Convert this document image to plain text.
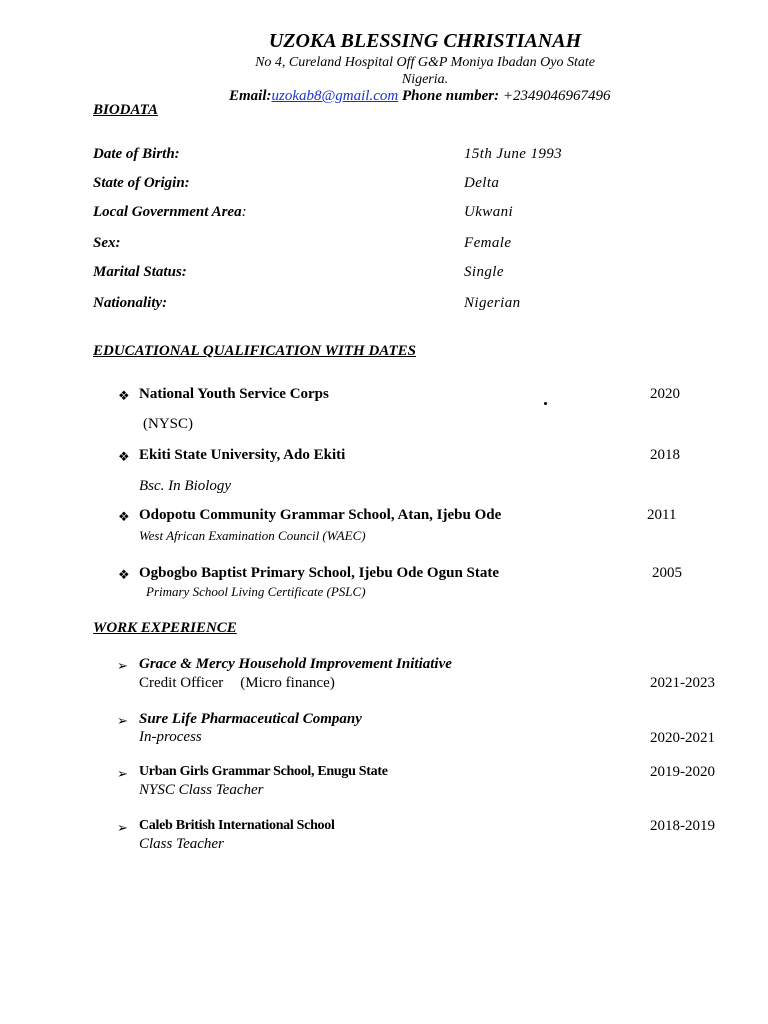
UZOKA BLESSING CHRISTIANAH
No 4, Cureland Hospital Off G&P Moniya Ibadan Oyo State
Nigeria.
Email:uzokab8@gmail.com Phone number: +2349046967496
BIODATA
Date of Birth:	15th June 1993
State of Origin:	Delta
Local Government Area:	Ukwani
Sex:	Female
Marital Status:	Single
Nationality:	Nigerian
EDUCATIONAL QUALIFICATION WITH DATES
❖ National Youth Service Corps	2020
(NYSC)
❖ Ekiti State University, Ado Ekiti	2018
Bsc. In Biology
❖ Odopotu Community Grammar School, Atan, Ijebu Ode	2011
West African Examination Council (WAEC)
❖ Ogbogbo Baptist Primary School, Ijebu Ode Ogun State	2005
Primary School Living Certificate (PSLC)
WORK EXPERIENCE
➢ Grace & Mercy Household Improvement Initiative
Credit Officer (Micro finance)	2021-2023
➢ Sure Life Pharmaceutical Company
In-process	2020-2021
➢ Urban Girls Grammar School, Enugu State
NYSC Class Teacher
2019-2020
➢ Caleb British International School
Class Teacher
2018-2019
